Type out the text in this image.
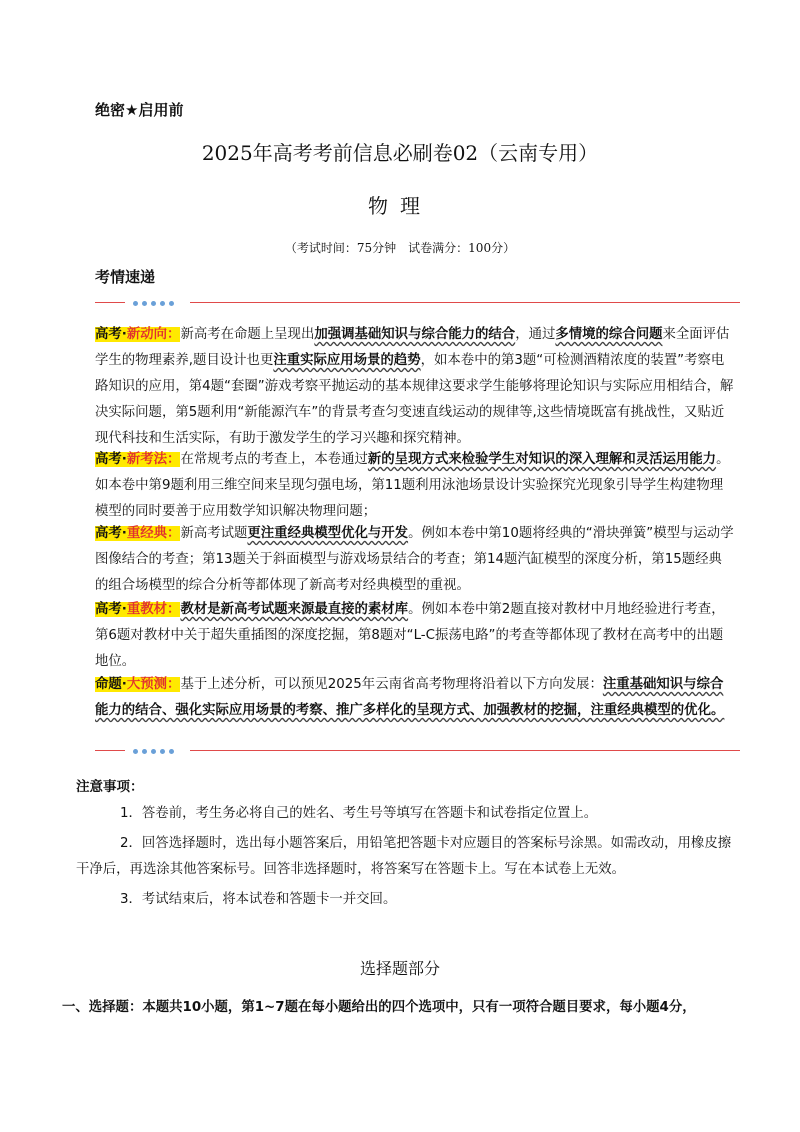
绝密★启用前
2025年高考考前信息必刷卷02（云南专用）
物理
（考试时间：75分钟　试卷满分：100分）
考情速递
高考·新动向：新高考在命题上呈现出加强调基础知识与综合能力的结合，通过多情境的综合问题来全面评估学生的物理素养,题目设计也更注重实际应用场景的趋势，如本卷中的第3题“可检测酒精浓度的装置”考察电路知识的应用，第4题“套圈”游戏考察平抛运动的基本规律这要求学生能够将理论知识与实际应用相结合，解决实际问题，第5题利用“新能源汽车”的背景考查匀变速直线运动的规律等,这些情境既富有挑战性，又贴近现代科技和生活实际，有助于激发学生的学习兴趣和探究精神。
高考·新考法：在常规考点的考查上，本卷通过新的呈现方式来检验学生对知识的深入理解和灵活运用能力。如本卷中第9题利用三维空间来呈现匀强电场，第11题利用泳池场景设计实验探究光现象引导学生构建物理模型的同时要善于应用数学知识解决物理问题；
高考·重经典：新高考试题更注重经典模型优化与开发。例如本卷中第10题将经典的“滑块弹簧”模型与运动学图像结合的考查；第13题关于斜面模型与游戏场景结合的考查；第14题汽缸模型的深度分析，第15题经典的组合场模型的综合分析等都体现了新高考对经典模型的重视。
高考·重教材：教材是新高考试题来源最直接的素材库。例如本卷中第2题直接对教材中月地经验进行考查，第6题对教材中关于超失重插图的深度挖掘，第8题对“L-C振荡电路”的考查等都体现了教材在高考中的出题地位。
命题·大预测：基于上述分析，可以预见2025年云南省高考物理将沿着以下方向发展：注重基础知识与综合能力的结合、强化实际应用场景的考察、推广多样化的呈现方式、加强教材的挖掘，注重经典模型的优化。
注意事项：

1．答卷前，考生务必将自己的姓名、考生号等填写在答题卡和试卷指定位置上。

2．回答选择题时，选出每小题答案后，用铅笔把答题卡对应题目的答案标号涂黑。如需改动，用橡皮擦干净后，再选涂其他答案标号。回答非选择题时，将答案写在答题卡上。写在本试卷上无效。

3．考试结束后，将本试卷和答题卡一并交回。

选择题部分
一、选择题：本题共10小题，第1~7题在每小题给出的四个选项中，只有一项符合题目要求，每小题4分，
